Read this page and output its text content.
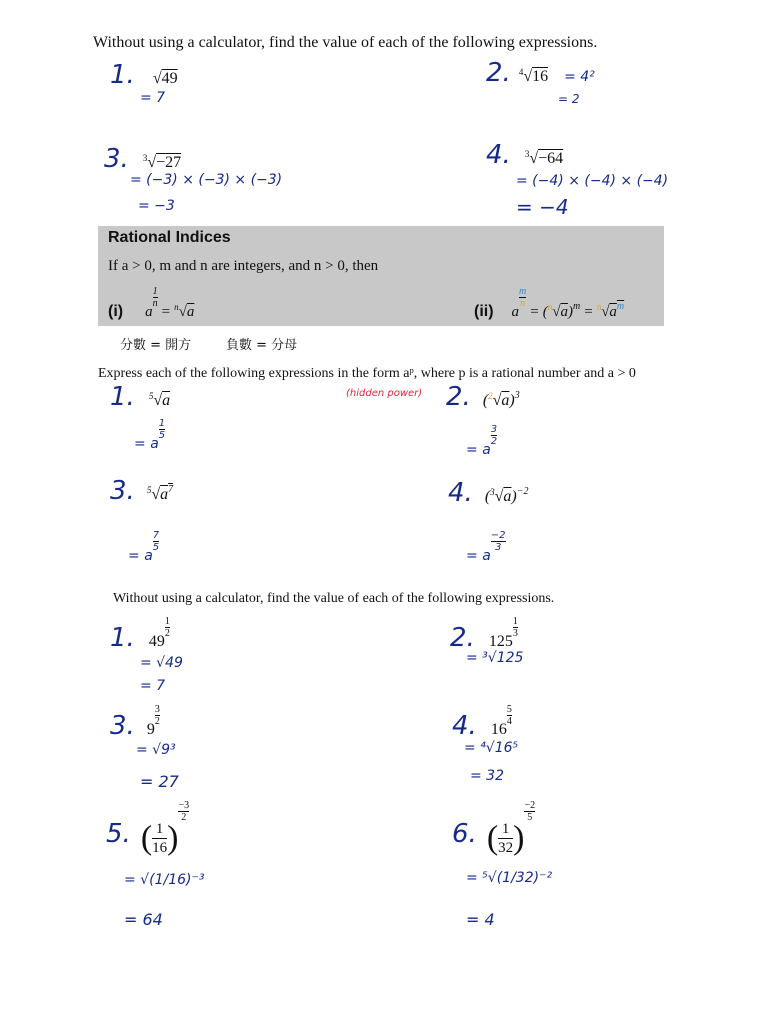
Without using a calculator, find the value of each of the following expressions.
1. √49
= 7
2. $^4$√16 = 4²
= 2
3. $^3$√−27
= (−3) × (−3) × (−3)
= −3
4. $^3$√−64
= (−4) × (−4) × (−4)
= −4
Rational Indices
If a > 0, m and n are integers, and n > 0, then
(i) a
$\frac{1}{n}$
= $^n$√a	(ii) a
$\frac{m}{n}$
= $(^n√a)^m = ^n√a^m$
分數 = 開方	負數 = 分母
Express each of the following expressions in the form aᵖ, where p is a rational number and a > 0
(hidden power)
1. $^5$√a
= a
$\frac{1}{5}$
2. $(^2√a)^3$
= a
$\frac{3}{2}$
3. $^5√a^7$
= a
$\frac{7}{5}$
4. $(^3√a)^{-2}$
= a
$\frac{-2}{3}$
Without using a calculator, find the value of each of the following expressions.
1. 49
$\frac{1}{2}$
= √49
= 7
2. 125
$\frac{1}{3}$
= ³√125
3. 9
$\frac{3}{2}$
= √9³
= 27
4. 16
$\frac{5}{4}$
= ⁴√16⁵
= 32
5. ( $\frac{1}{16}$ )
$\frac{-3}{2}$
= √(1/16)⁻³
= 64
6. ( $\frac{1}{32}$ )
$\frac{-2}{5}$
= ⁵√(1/32)⁻²
= 4
